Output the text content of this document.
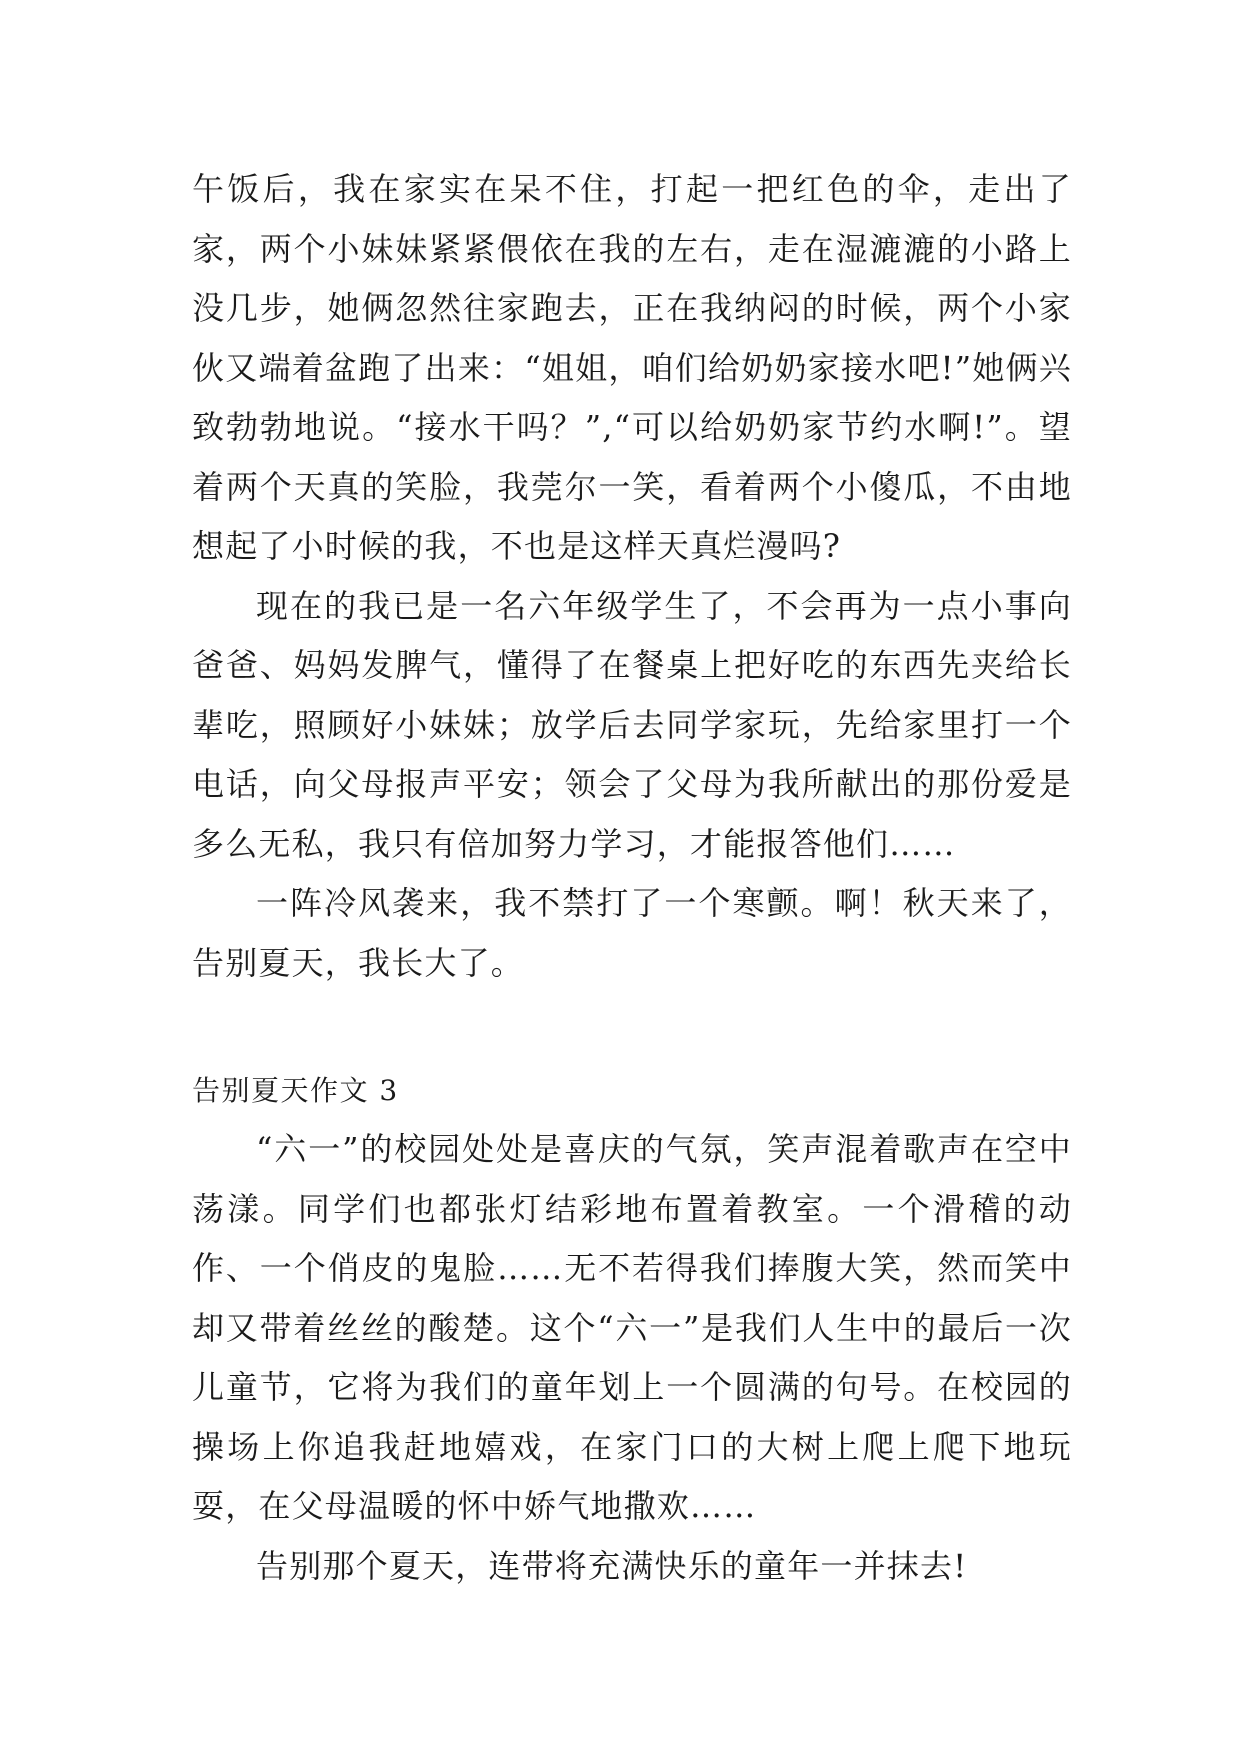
午饭后，我在家实在呆不住，打起一把红色的伞，走出了家，两个小妹妹紧紧偎依在我的左右，走在湿漉漉的小路上没几步，她俩忽然往家跑去，正在我纳闷的时候，两个小家伙又端着盆跑了出来：“姐姐，咱们给奶奶家接水吧!”她俩兴致勃勃地说。“接水干吗？”,“可以给奶奶家节约水啊!”。望着两个天真的笑脸，我莞尔一笑，看着两个小傻瓜，不由地想起了小时候的我，不也是这样天真烂漫吗?

现在的我已是一名六年级学生了，不会再为一点小事向爸爸、妈妈发脾气，懂得了在餐桌上把好吃的东西先夹给长辈吃，照顾好小妹妹；放学后去同学家玩，先给家里打一个电话，向父母报声平安；领会了父母为我所献出的那份爱是多么无私，我只有倍加努力学习，才能报答他们……

一阵冷风袭来，我不禁打了一个寒颤。啊！秋天来了，告别夏天，我长大了。

告别夏天作文 3

“六一”的校园处处是喜庆的气氛，笑声混着歌声在空中荡漾。同学们也都张灯结彩地布置着教室。一个滑稽的动作、一个俏皮的鬼脸……无不若得我们捧腹大笑，然而笑中却又带着丝丝的酸楚。这个“六一”是我们人生中的最后一次儿童节，它将为我们的童年划上一个圆满的句号。在校园的操场上你追我赶地嬉戏，在家门口的大树上爬上爬下地玩耍，在父母温暖的怀中娇气地撒欢……

告别那个夏天，连带将充满快乐的童年一并抹去!
